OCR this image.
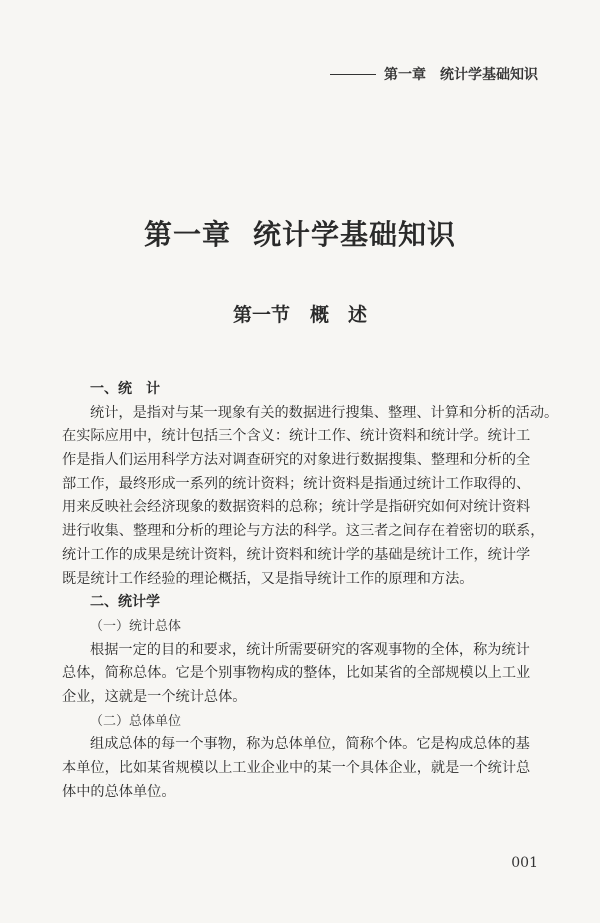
第一章 统计学基础知识
第一章 统计学基础知识
第一节 概　述
一、统　计
统计，是指对与某一现象有关的数据进行搜集、整理、计算和分析的活动。
在实际应用中，统计包括三个含义：统计工作、统计资料和统计学。统计工
作是指人们运用科学方法对调查研究的对象进行数据搜集、整理和分析的全
部工作，最终形成一系列的统计资料；统计资料是指通过统计工作取得的、
用来反映社会经济现象的数据资料的总称；统计学是指研究如何对统计资料
进行收集、整理和分析的理论与方法的科学。这三者之间存在着密切的联系，
统计工作的成果是统计资料，统计资料和统计学的基础是统计工作，统计学
既是统计工作经验的理论概括，又是指导统计工作的原理和方法。
二、统计学
（一）统计总体
根据一定的目的和要求，统计所需要研究的客观事物的全体，称为统计
总体，简称总体。它是个别事物构成的整体，比如某省的全部规模以上工业
企业，这就是一个统计总体。
（二）总体单位
组成总体的每一个事物，称为总体单位，简称个体。它是构成总体的基
本单位，比如某省规模以上工业企业中的某一个具体企业，就是一个统计总
体中的总体单位。
001
